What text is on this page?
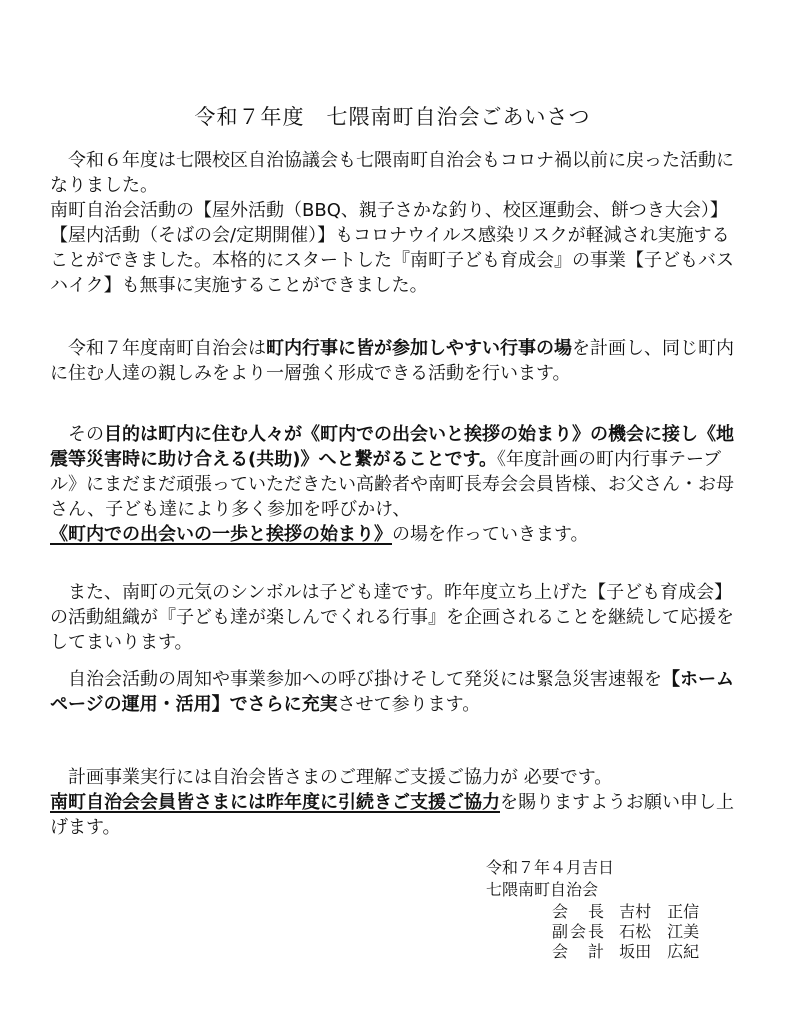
令和７年度　七隈南町自治会ごあいさつ

　令和６年度は七隈校区自治協議会も七隈南町自治会もコロナ禍以前に戻った活動になりました。
南町自治会活動の【屋外活動（BBQ、親子さかな釣り、校区運動会、餅つき大会）】【屋内活動（そばの会/定期開催）】もコロナウイルス感染リスクが軽減され実施することができました。本格的にスタートした『南町子ども育成会』の事業【子どもバスハイク】も無事に実施することができました。

　令和７年度南町自治会は町内行事に皆が参加しやすい行事の場を計画し、同じ町内に住む人達の親しみをより一層強く形成できる活動を行います。

　その目的は町内に住む人々が《町内での出会いと挨拶の始まり》の機会に接し《地震等災害時に助け合える(共助)》へと繋がることです。《年度計画の町内行事テーブル》にまだまだ頑張っていただきたい高齢者や南町長寿会会員皆様、お父さん・お母さん、子ども達により多く参加を呼びかけ、《町内での出会いの一歩と挨拶の始まり》の場を作っていきます。

　また、南町の元気のシンボルは子ども達です。昨年度立ち上げた【子ども育成会】の活動組織が『子ども達が楽しんでくれる行事』を企画されることを継続して応援をしてまいります。

　自治会活動の周知や事業参加への呼び掛けそして発災には緊急災害速報を【ホームページの運用・活用】でさらに充実させて参ります。

　計画事業実行には自治会皆さまのご理解ご支援ご協力が 必要です。
南町自治会会員皆さまには昨年度に引続きご支援ご協力を賜りますようお願い申し上げます。

令和７年４月吉日
七隈南町自治会
会　長 吉村　正信
副会長 石松　江美
会　計 坂田　広紀
